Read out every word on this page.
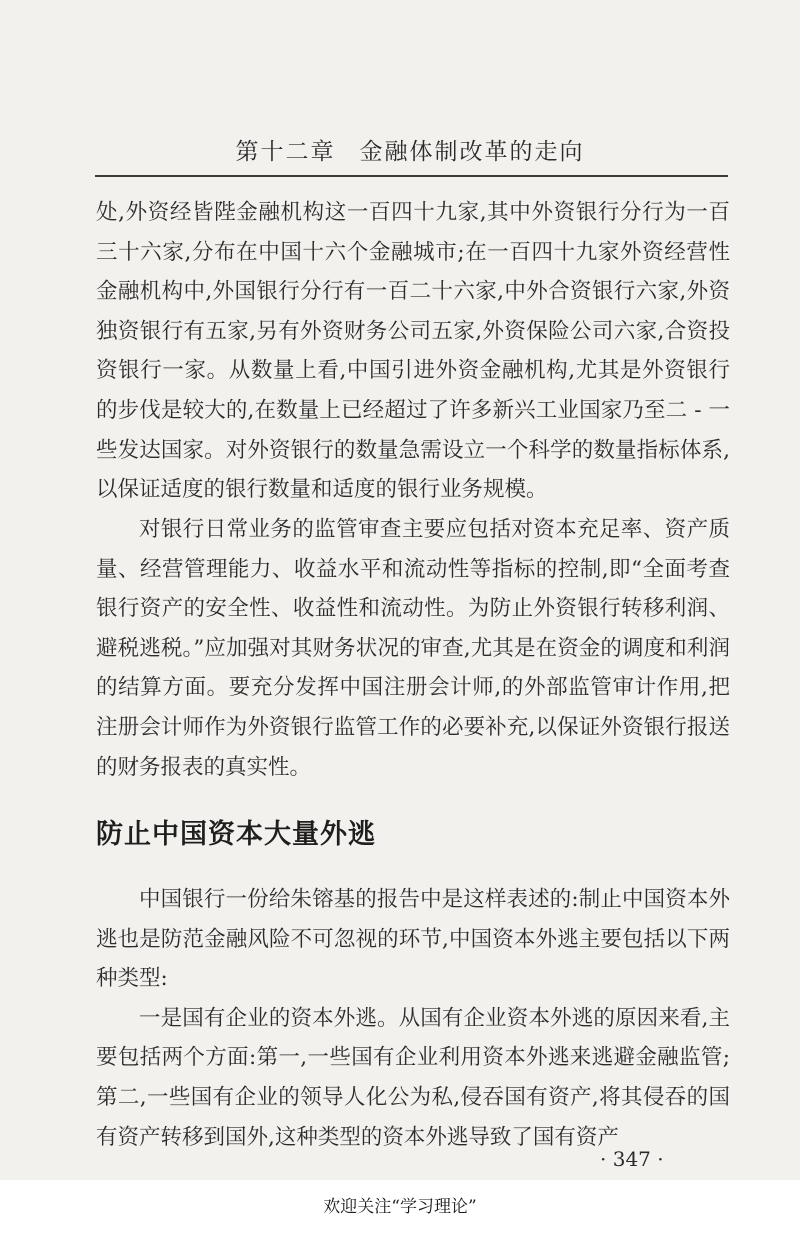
第十二章 金融体制改革的走向

处,外资经皆陛金融机构这一百四十九家,其中外资银行分行为一百三十六家,分布在中国十六个金融城市;在一百四十九家外资经营性金融机构中,外国银行分行有一百二十六家,中外合资银行六家,外资独资银行有五家,另有外资财务公司五家,外资保险公司六家,合资投资银行一家。从数量上看,中国引进外资金融机构,尤其是外资银行的步伐是较大的,在数量上已经超过了许多新兴工业国家乃至二 - 一些发达国家。对外资银行的数量急需设立一个科学的数量指标体系,以保证适度的银行数量和适度的银行业务规模。

对银行日常业务的监管审查主要应包括对资本充足率、资产质量、经营管理能力、收益水平和流动性等指标的控制,即“全面考查银行资产的安全性、收益性和流动性。为防止外资银行转移利润、避税逃税。”应加强对其财务状况的审查,尤其是在资金的调度和利润的结算方面。要充分发挥中国注册会计师,的外部监管审计作用,把注册会计师作为外资银行监管工作的必要补充,以保证外资银行报送的财务报表的真实性。

防止中国资本大量外逃

中国银行一份给朱镕基的报告中是这样表述的:制止中国资本外逃也是防范金融风险不可忽视的环节,中国资本外逃主要包括以下两种类型:

一是国有企业的资本外逃。从国有企业资本外逃的原因来看,主要包括两个方面:第一,一些国有企业利用资本外逃来逃避金融监管;第二,一些国有企业的领导人化公为私,侵吞国有资产,将其侵吞的国有资产转移到国外,这种类型的资本外逃导致了国有资产

· 347 ·
欢迎关注“学习理论”
